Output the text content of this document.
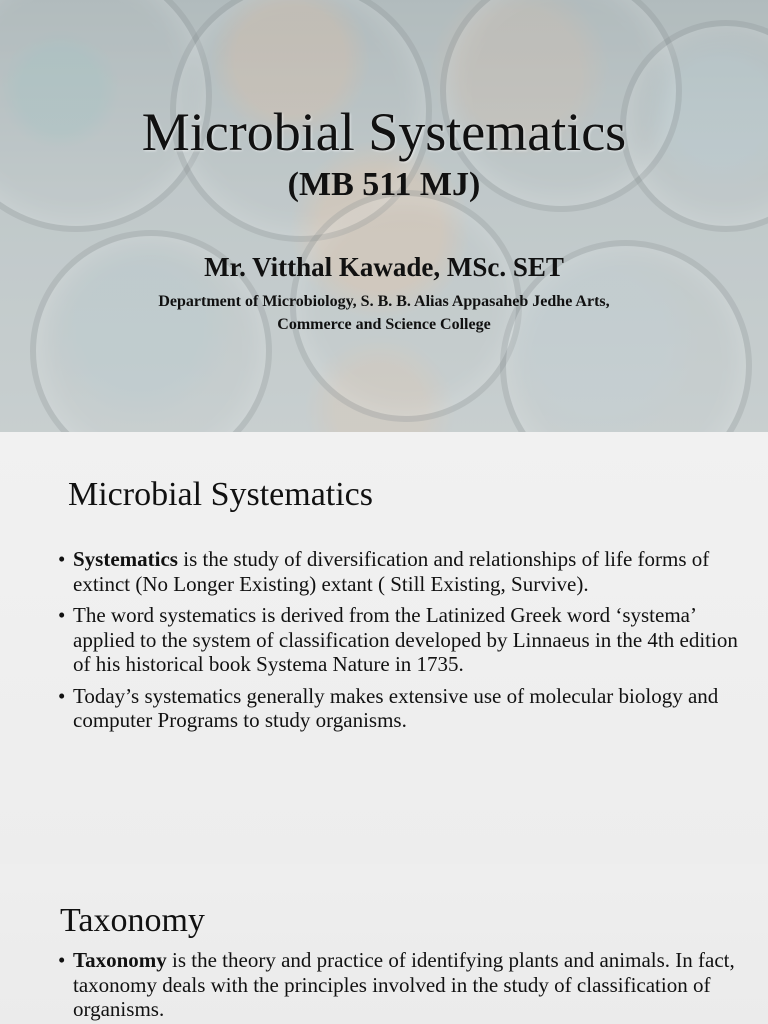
Microbial Systematics
(MB 511 MJ)
Mr. Vitthal Kawade, MSc. SET
Department of Microbiology, S. B. B. Alias Appasaheb Jedhe Arts,
Commerce and Science College
Microbial Systematics
• Systematics is the study of diversification and relationships of life forms of extinct (No Longer Existing) extant ( Still Existing, Survive).
• The word systematics is derived from the Latinized Greek word ‘systema’ applied to the system of classification developed by Linnaeus in the 4th edition of his historical book Systema Nature in 1735.
• Today’s systematics generally makes extensive use of molecular biology and computer Programs to study organisms.
Taxonomy
• Taxonomy is the theory and practice of identifying plants and animals. In fact, taxonomy deals with the principles involved in the study of classification of organisms.
